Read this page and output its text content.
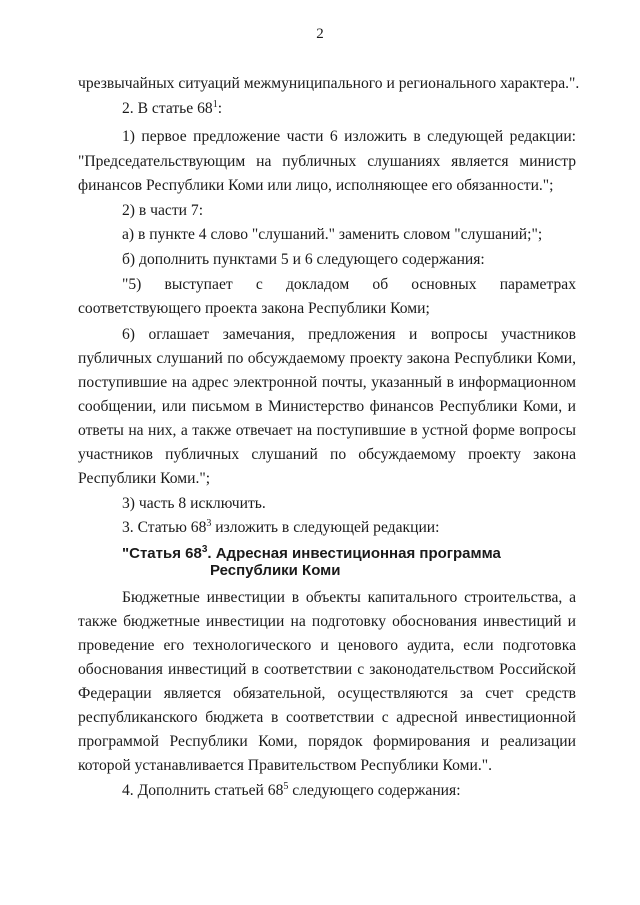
2
чрезвычайных ситуаций межмуниципального и регионального характера.".
2. В статье $68^1$:
1) первое предложение части 6 изложить в следующей редакции:
"Председательствующим на публичных слушаниях является министр
финансов Республики Коми или лицо, исполняющее его обязанности.";
2) в части 7:
а) в пункте 4 слово "слушаний." заменить словом "слушаний;";
б) дополнить пунктами 5 и 6 следующего содержания:
"5) выступает с докладом об основных параметрах
соответствующего проекта закона Республики Коми;
6) оглашает замечания, предложения и вопросы участников
публичных слушаний по обсуждаемому проекту закона Республики Коми,
поступившие на адрес электронной почты, указанный в информационном
сообщении, или письмом в Министерство финансов Республики Коми, и
ответы на них, а также отвечает на поступившие в устной форме вопросы
участников публичных слушаний по обсуждаемому проекту закона
Республики Коми.";
3) часть 8 исключить.
3. Статью $68^3$ изложить в следующей редакции:
"Статья $68^3$. Адресная инвестиционная программа
Республики Коми
Бюджетные инвестиции в объекты капитального строительства, а
также бюджетные инвестиции на подготовку обоснования инвестиций и
проведение его технологического и ценового аудита, если подготовка
обоснования инвестиций в соответствии с законодательством Российской
Федерации является обязательной, осуществляются за счет средств
республиканского бюджета в соответствии с адресной инвестиционной
программой Республики Коми, порядок формирования и реализации
которой устанавливается Правительством Республики Коми.".
4. Дополнить статьей $68^5$ следующего содержания:
